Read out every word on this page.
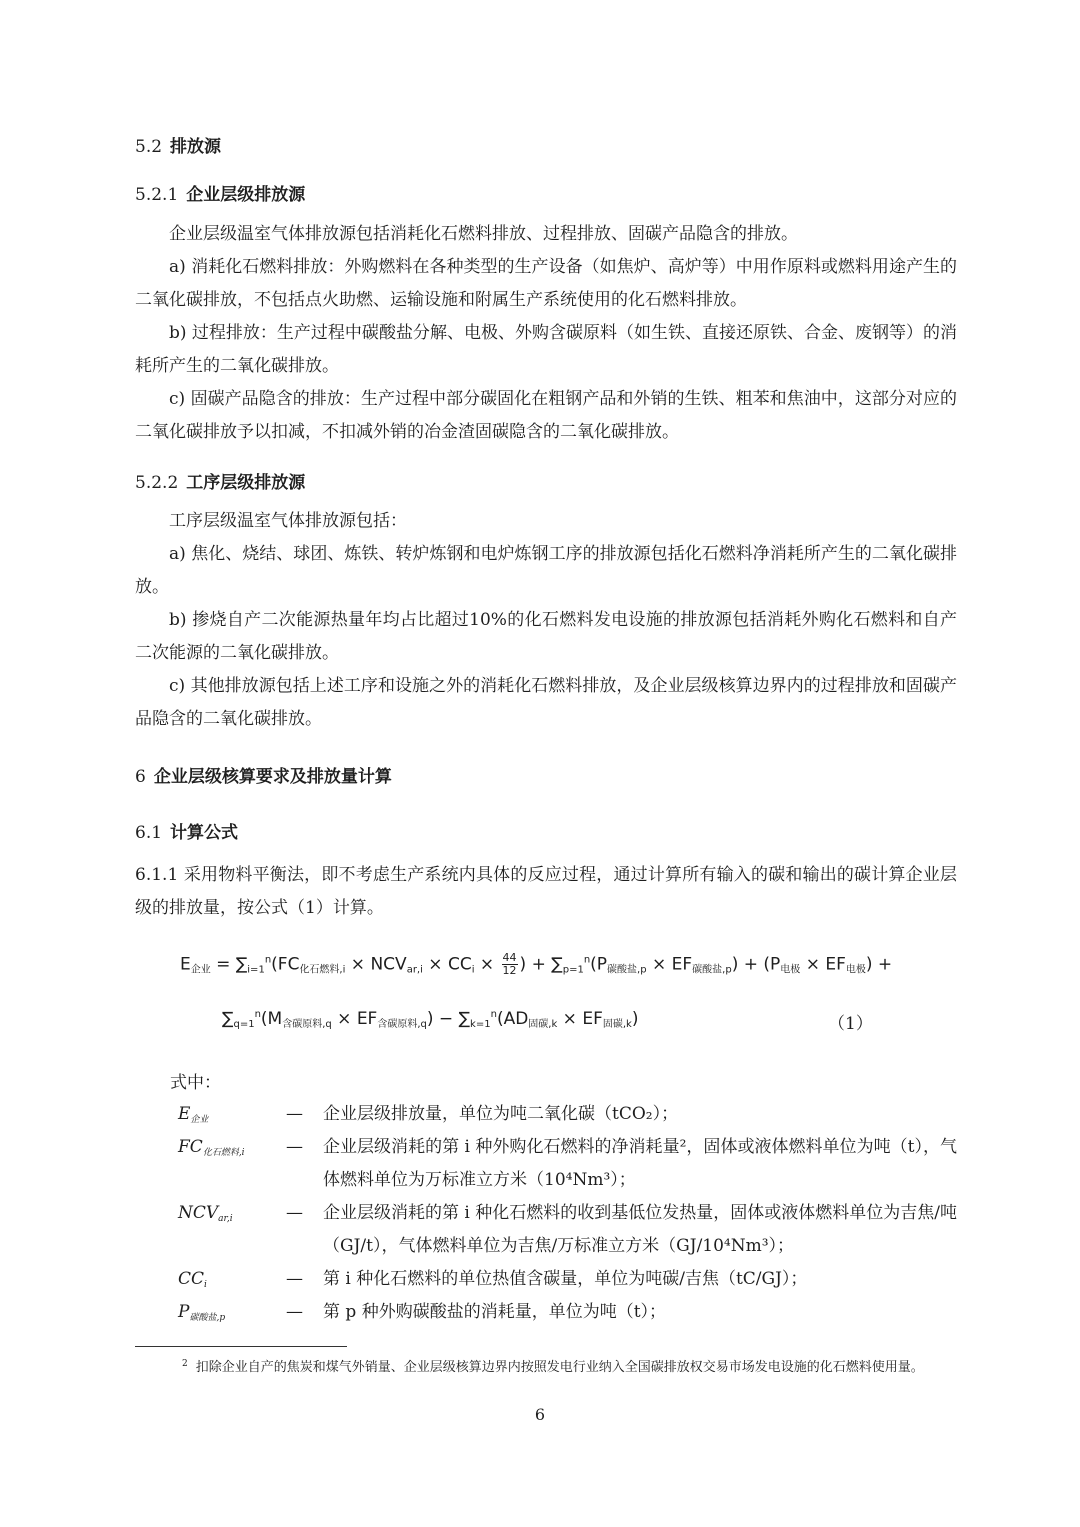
5.2 排放源
5.2.1 企业层级排放源
企业层级温室气体排放源包括消耗化石燃料排放、过程排放、固碳产品隐含的排放。
a) 消耗化石燃料排放：外购燃料在各种类型的生产设备（如焦炉、高炉等）中用作原料或燃料用途产生的二氧化碳排放，不包括点火助燃、运输设施和附属生产系统使用的化石燃料排放。
b) 过程排放：生产过程中碳酸盐分解、电极、外购含碳原料（如生铁、直接还原铁、合金、废钢等）的消耗所产生的二氧化碳排放。
c) 固碳产品隐含的排放：生产过程中部分碳固化在粗钢产品和外销的生铁、粗苯和焦油中，这部分对应的二氧化碳排放予以扣减，不扣减外销的冶金渣固碳隐含的二氧化碳排放。
5.2.2 工序层级排放源
工序层级温室气体排放源包括：
a) 焦化、烧结、球团、炼铁、转炉炼钢和电炉炼钢工序的排放源包括化石燃料净消耗所产生的二氧化碳排放。
b) 掺烧自产二次能源热量年均占比超过10%的化石燃料发电设施的排放源包括消耗外购化石燃料和自产二次能源的二氧化碳排放。
c) 其他排放源包括上述工序和设施之外的消耗化石燃料排放，及企业层级核算边界内的过程排放和固碳产品隐含的二氧化碳排放。
6 企业层级核算要求及排放量计算
6.1 计算公式
6.1.1 采用物料平衡法，即不考虑生产系统内具体的反应过程，通过计算所有输入的碳和输出的碳计算企业层级的排放量，按公式（1）计算。
$E_{企业} = \sum_{i=1}^n(FC_{化石燃料,i} \times NCV_{ar,i} \times CC_i \times \frac{44}{12}$ ) + $\sum_{p=1}^n(P_{碳酸盐,p} \times EF_{碳酸盐,p}) + (P_{电极} \times EF_{电极})$ +
$\sum_{q=1}^n(M_{含碳原料,q} \times EF_{含碳原料,q}) - \sum_{k=1}^n(AD_{固碳,k} \times EF_{固碳,k})$	（1）
式中：
$E_{企业}$	— 企业层级排放量，单位为吨二氧化碳（tCO₂）；
$FC_{化石燃料,i}$	— 企业层级消耗的第 i 种外购化石燃料的净消耗量²，固体或液体燃料单位为吨（t），气体燃料单位为万标准立方米（10⁴Nm³）；
$NCV_{ar,i}$	— 企业层级消耗的第 i 种化石燃料的收到基低位发热量，固体或液体燃料单位为吉焦/吨（GJ/t），气体燃料单位为吉焦/万标准立方米（GJ/10⁴Nm³）；
$CC_i$	— 第 i 种化石燃料的单位热值含碳量，单位为吨碳/吉焦（tC/GJ）；
$P_{碳酸盐,p}$	— 第 p 种外购碳酸盐的消耗量，单位为吨（t）；
$^2$ 扣除企业自产的焦炭和煤气外销量、企业层级核算边界内按照发电行业纳入全国碳排放权交易市场发电设施的化石燃料使用量。
6
